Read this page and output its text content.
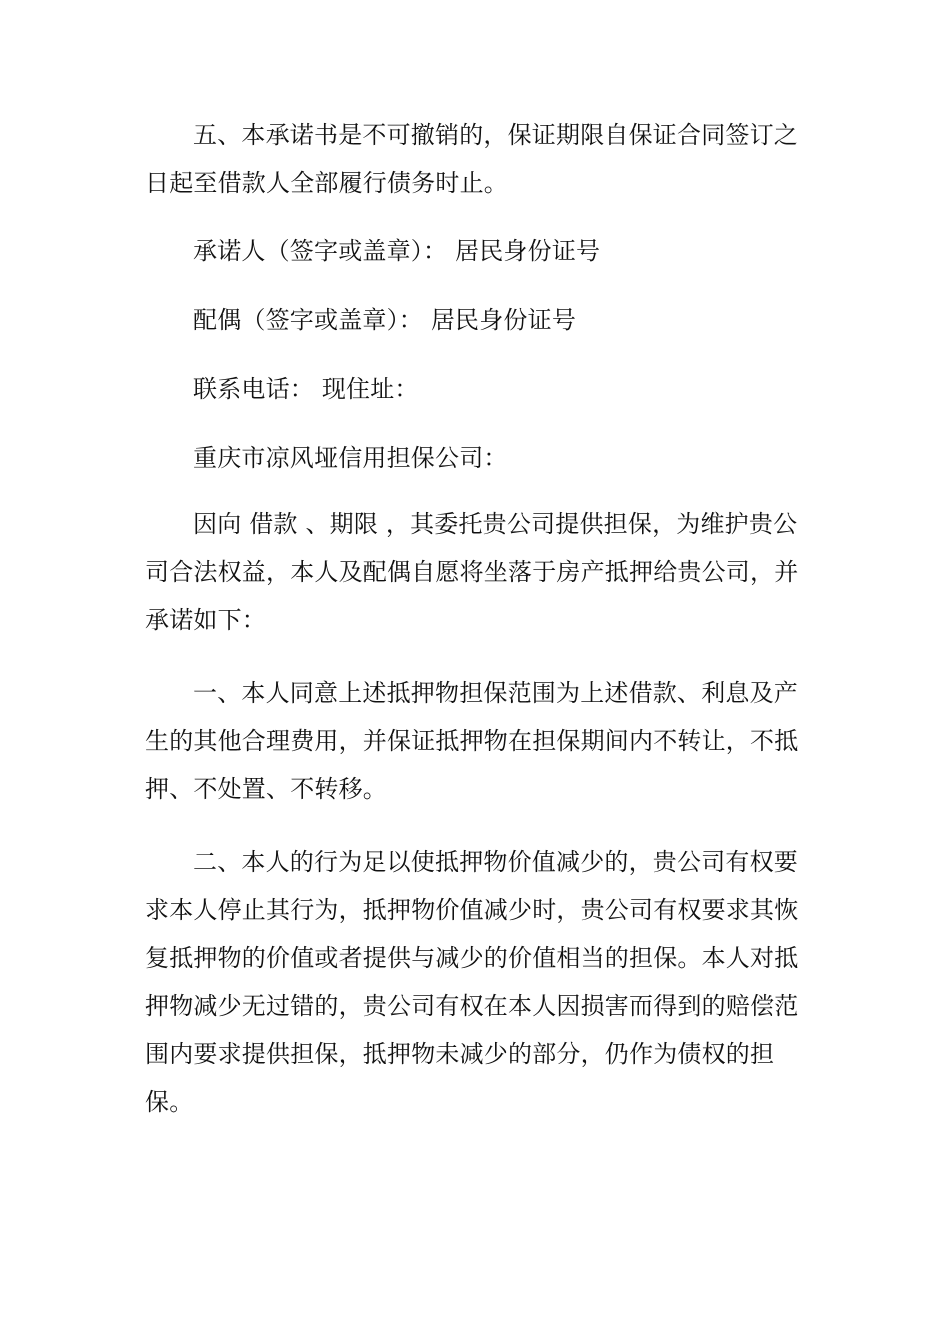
五、本承诺书是不可撤销的，保证期限自保证合同签订之日起至借款人全部履行债务时止。

承诺人（签字或盖章）： 居民身份证号

配偶（签字或盖章）： 居民身份证号

联系电话： 现住址：

重庆市凉风垭信用担保公司：

因向 借款 、期限 ，其委托贵公司提供担保，为维护贵公司合法权益，本人及配偶自愿将坐落于房产抵押给贵公司，并承诺如下：

一、本人同意上述抵押物担保范围为上述借款、利息及产生的其他合理费用，并保证抵押物在担保期间内不转让，不抵押、不处置、不转移。

二、本人的行为足以使抵押物价值减少的，贵公司有权要求本人停止其行为，抵押物价值减少时，贵公司有权要求其恢复抵押物的价值或者提供与减少的价值相当的担保。本人对抵押物减少无过错的，贵公司有权在本人因损害而得到的赔偿范围内要求提供担保，抵押物未减少的部分，仍作为债权的担保。
